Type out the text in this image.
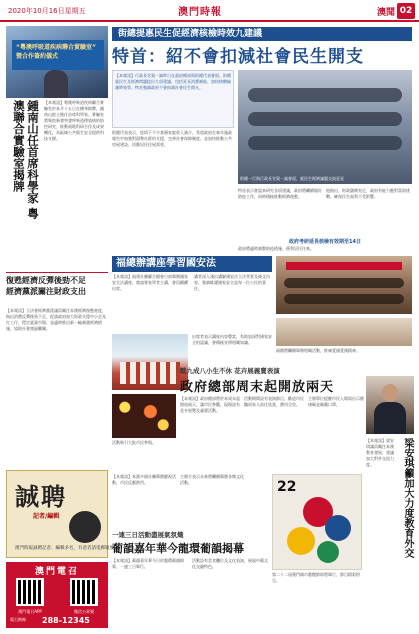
2020年10月16日星期五	澳門時報	澳聞 02
“粵澳呼吸道疾病聯合實驗室”
暨合作簽約儀式
鍾南山任首席科學家 粵澳聯合實驗室揭牌	【本報訊】粵澳呼吸道疾病聯合實驗室於本月十五日在橫琴揭牌，鍾南山院士擔任首席科學家。實驗室將聚焦新發突發呼吸道傳染病的防控研究，推動兩地科研合作及成果轉化，為區域公共衛生安全提供科技支撐。
復甦經濟反彈後勁不足
經濟黨派關注財政支出
【本報訊】立法會經濟黨派議員關注本澳經濟復甦進度，指出消費反彈後勁不足，促請政府加大財政支援中小企及打工仔，穩定就業市場，並適時推出新一輪刺激經濟措施，協助社會渡過難關。
誠聘
記者/編輯
澳門時報誠聘記者、編輯多名，有意者請電郵履歷
澳門電召
澳門電召APP	微信公眾號
電召熱線 288-12345
街總提惠民生促經濟核檢時效九建議
特首：紹不會扣減社會民生開支
【本報訊】行政長官賀一誠昨日在政府總部與街總代表會面。街總就民生及經濟問題提出九項建議，包括延長消費補貼、加快核酸檢測時效等。特首強調政府不會扣減社會民生開支。
街總一行與行政長官賀一誠會面，就民生經濟議題交流意見
街總代表表示，疫情下不少基層家庭收入減少，希望政府在來年施政報告中加強對弱勢社群的支援，完善社會保障制度，並加快推動公共房屋建設，回應居民住屋需要。
特首表示會認真研究各項建議，政府將繼續做好防疫工作，同時積極推動經濟復甦。
他指出，財政儲備充足，政府有能力應對當前挑戰，確保民生福利不受影響。
政府考研延長核檢有效期至14日
政府將適時調整防疫措施，便利居民往來。
福總辦講座學習國安法
【本報訊】福建社團聯合總會日前舉辦國家安全法講座，邀請專家學者主講，會員踴躍出席。
講者深入淺出講解國安法立法背景及條文內容，強調維護國家安全是每一位公民的責任。
出席者表示講座內容豐富，有助加深對國家安全的認識，會積極宣傳相關知識。
福總將繼續舉辦相關活動，推廣愛國愛澳精神。
戰九成八小生不休 花卉展義賣表演
政府總部周末起開放兩天
【本報訊】政府總部將於本周末起開放兩天，讓市民參觀，現場設有花卉展覽及義賣活動。
活動期間設有表演節目，歡迎市民攜同家人前往欣賞，費用全免。
主辦單位提醒市民入場需出示健康碼並佩戴口罩。
梁安琪籲加大力度教育外交
【本報訊】梁安琪議員關注本澳教育發展，建議加大對外交流力度。
活動吸引大批市民參與。
【本報訊】本澳多個社團舉辦慶祝活動，市民反應熱烈。
主辦方表示未來將繼續舉辦各類文化活動。
一連三日活動盡展氣氛熾
葡韻嘉年華今龍環葡韻揭幕
【本報訊】葡韻嘉年華今日於龍環葡韻揭幕，一連三日舉行。
活動設有美食攤位及文化表演，展現中葡文化交融特色。
22
第二十二屆澳門城市藝穗節即將舉行，節目精彩紛呈。
